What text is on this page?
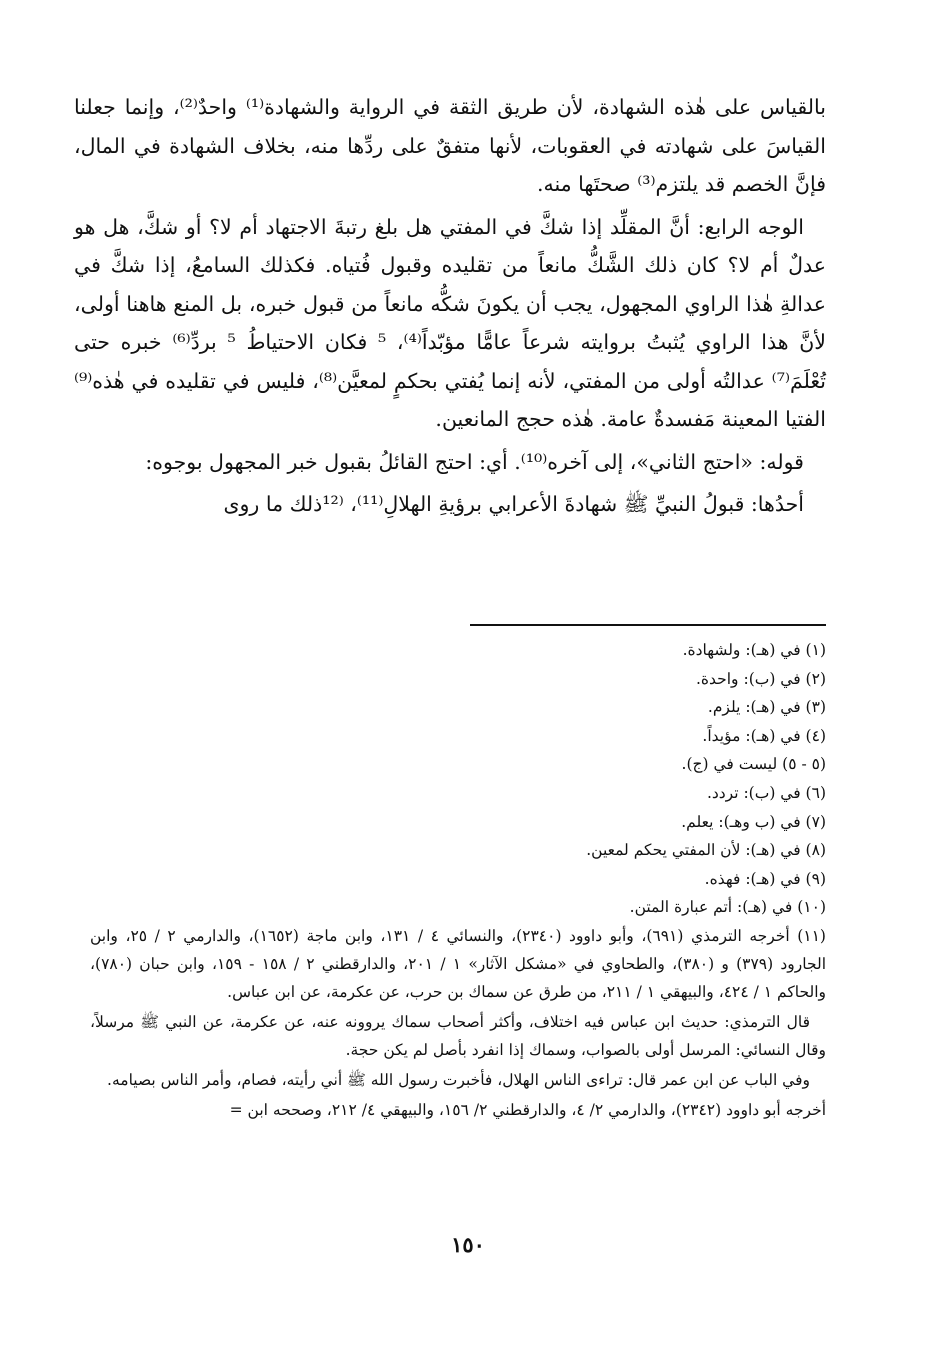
بالقياس على هٰذه الشهادة، لأن طريق الثقة في الرواية والشهادة⁽¹⁾ واحدٌ⁽²⁾، وإنما جعلنا القياسَ على شهادته في العقوبات، لأنها متفقٌ على ردِّها منه، بخلاف الشهادة في المال، فإنَّ الخصم قد يلتزم⁽³⁾ صحتَها منه.

الوجه الرابع: أنَّ المقلِّد إذا شكَّ في المفتي هل بلغ رتبةَ الاجتهاد أم لا؟ أو شكَّ، هل هو عدلٌ أم لا؟ كان ذلك الشَّكُّ مانعاً من تقليده وقبول فُتياه. فكذلك السامعُ، إذا شكَّ في عدالةِ هٰذا الراوي المجهول، يجب أن يكونَ شكُّه مانعاً من قبول خبره، بل المنع هاهنا أولى، لأنَّ هذا الراوي يُثبتُ بروايته شرعاً عامًّا مؤبّداً⁽⁴⁾، ⁵ فكان الاحتياطُ ⁵ بردِّ⁽⁶⁾ خبره حتى تُعْلَمَ⁽⁷⁾ عدالتُه أولى من المفتي، لأنه إنما يُفتي بحكمٍ لمعيَّن⁽⁸⁾، فليس في تقليده في هٰذه⁽⁹⁾ الفتيا المعينة مَفسدةٌ عامة. هٰذه حجج المانعين.

قوله: «احتج الثاني»، إلى آخره⁽¹⁰⁾. أي: احتج القائلُ بقبول خبر المجهول بوجوه:

أحدُها: قبولُ النبيِّ ﷺ شهادةَ الأعرابي برؤيةِ الهلالِ⁽¹¹⁾، ⁽¹²ذلك ما روى

(١) في (هـ): ولشهادة.

(٢) في (ب): واحدة.

(٣) في (هـ): يلزم.

(٤) في (هـ): مؤيداً.

(٥ - ٥) ليست في (ج).

(٦) في (ب): تردد.

(٧) في (ب وهـ): يعلم.

(٨) في (هـ): لأن المفتي يحكم لمعين.

(٩) في (هـ): فهذه.

(١٠) في (هـ): أتم عبارة المتن.

(١١) أخرجه الترمذي (٦٩١)، وأبو داوود (٢٣٤٠)، والنسائي ٤ / ١٣١، وابن ماجة (١٦٥٢)، والدارمي ٢ / ٢٥، وابن الجارود (٣٧٩) و (٣٨٠)، والطحاوي في «مشكل الآثار» ١ / ٢٠١، والدارقطني ٢ / ١٥٨ - ١٥٩، وابن حبان (٧٨٠)، والحاكم ١ / ٤٢٤، والبيهقي ١ / ٢١١، من طرق عن سماك بن حرب، عن عكرمة، عن ابن عباس.

قال الترمذي: حديث ابن عباس فيه اختلاف، وأكثر أصحاب سماك يروونه عنه، عن عكرمة، عن النبي ﷺ مرسلاً، وقال النسائي: المرسل أولى بالصواب، وسماك إذا انفرد بأصل لم يكن حجة.

وفي الباب عن ابن عمر قال: تراءى الناس الهلال، فأخبرت رسول الله ﷺ أني رأيته، فصام، وأمر الناس بصيامه.

أخرجه أبو داوود (٢٣٤٢)، والدارمي ٢/ ٤، والدارقطني ٢/ ١٥٦، والبيهقي ٤/ ٢١٢، وصححه ابن =

١٥٠
